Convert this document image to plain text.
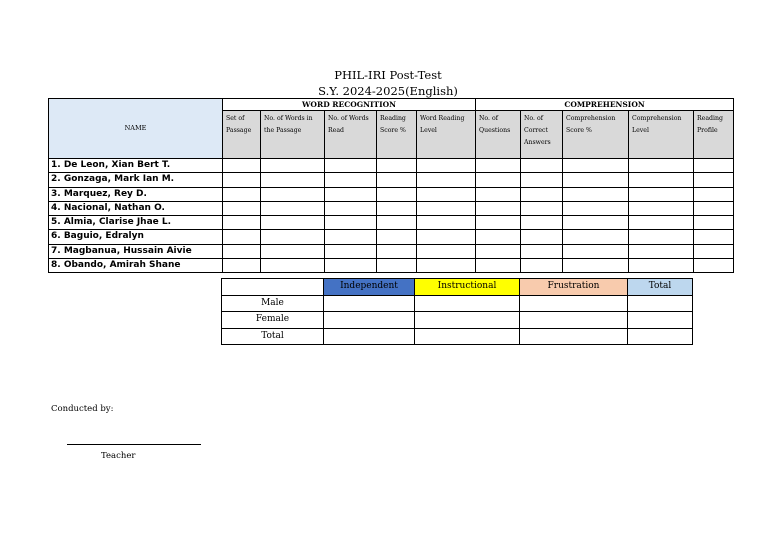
PHIL-IRI Post-Test
S.Y. 2024-2025(English)
NAME	WORD RECOGNITION					COMPREHENSION				
	Set of Passage	No. of Words in the Passage	No. of Words Read	Reading Score %	Word Reading Level	No. of Questions	No. of Correct Answers	Comprehension Score %	Comprehension Level	Reading Profile
1. De Leon, Xian Bert T.										
2. Gonzaga, Mark Ian M.										
3. Marquez, Rey D.										
4. Nacional, Nathan O.										
5. Almia, Clarise Jhae L.										
6. Baguio, Edralyn										
7. Magbanua, Hussain Aivie										
8. Obando, Amirah Shane										
	Independent	Instructional	Frustration	Total
Male				
Female				
Total				
Conducted by:
Teacher
